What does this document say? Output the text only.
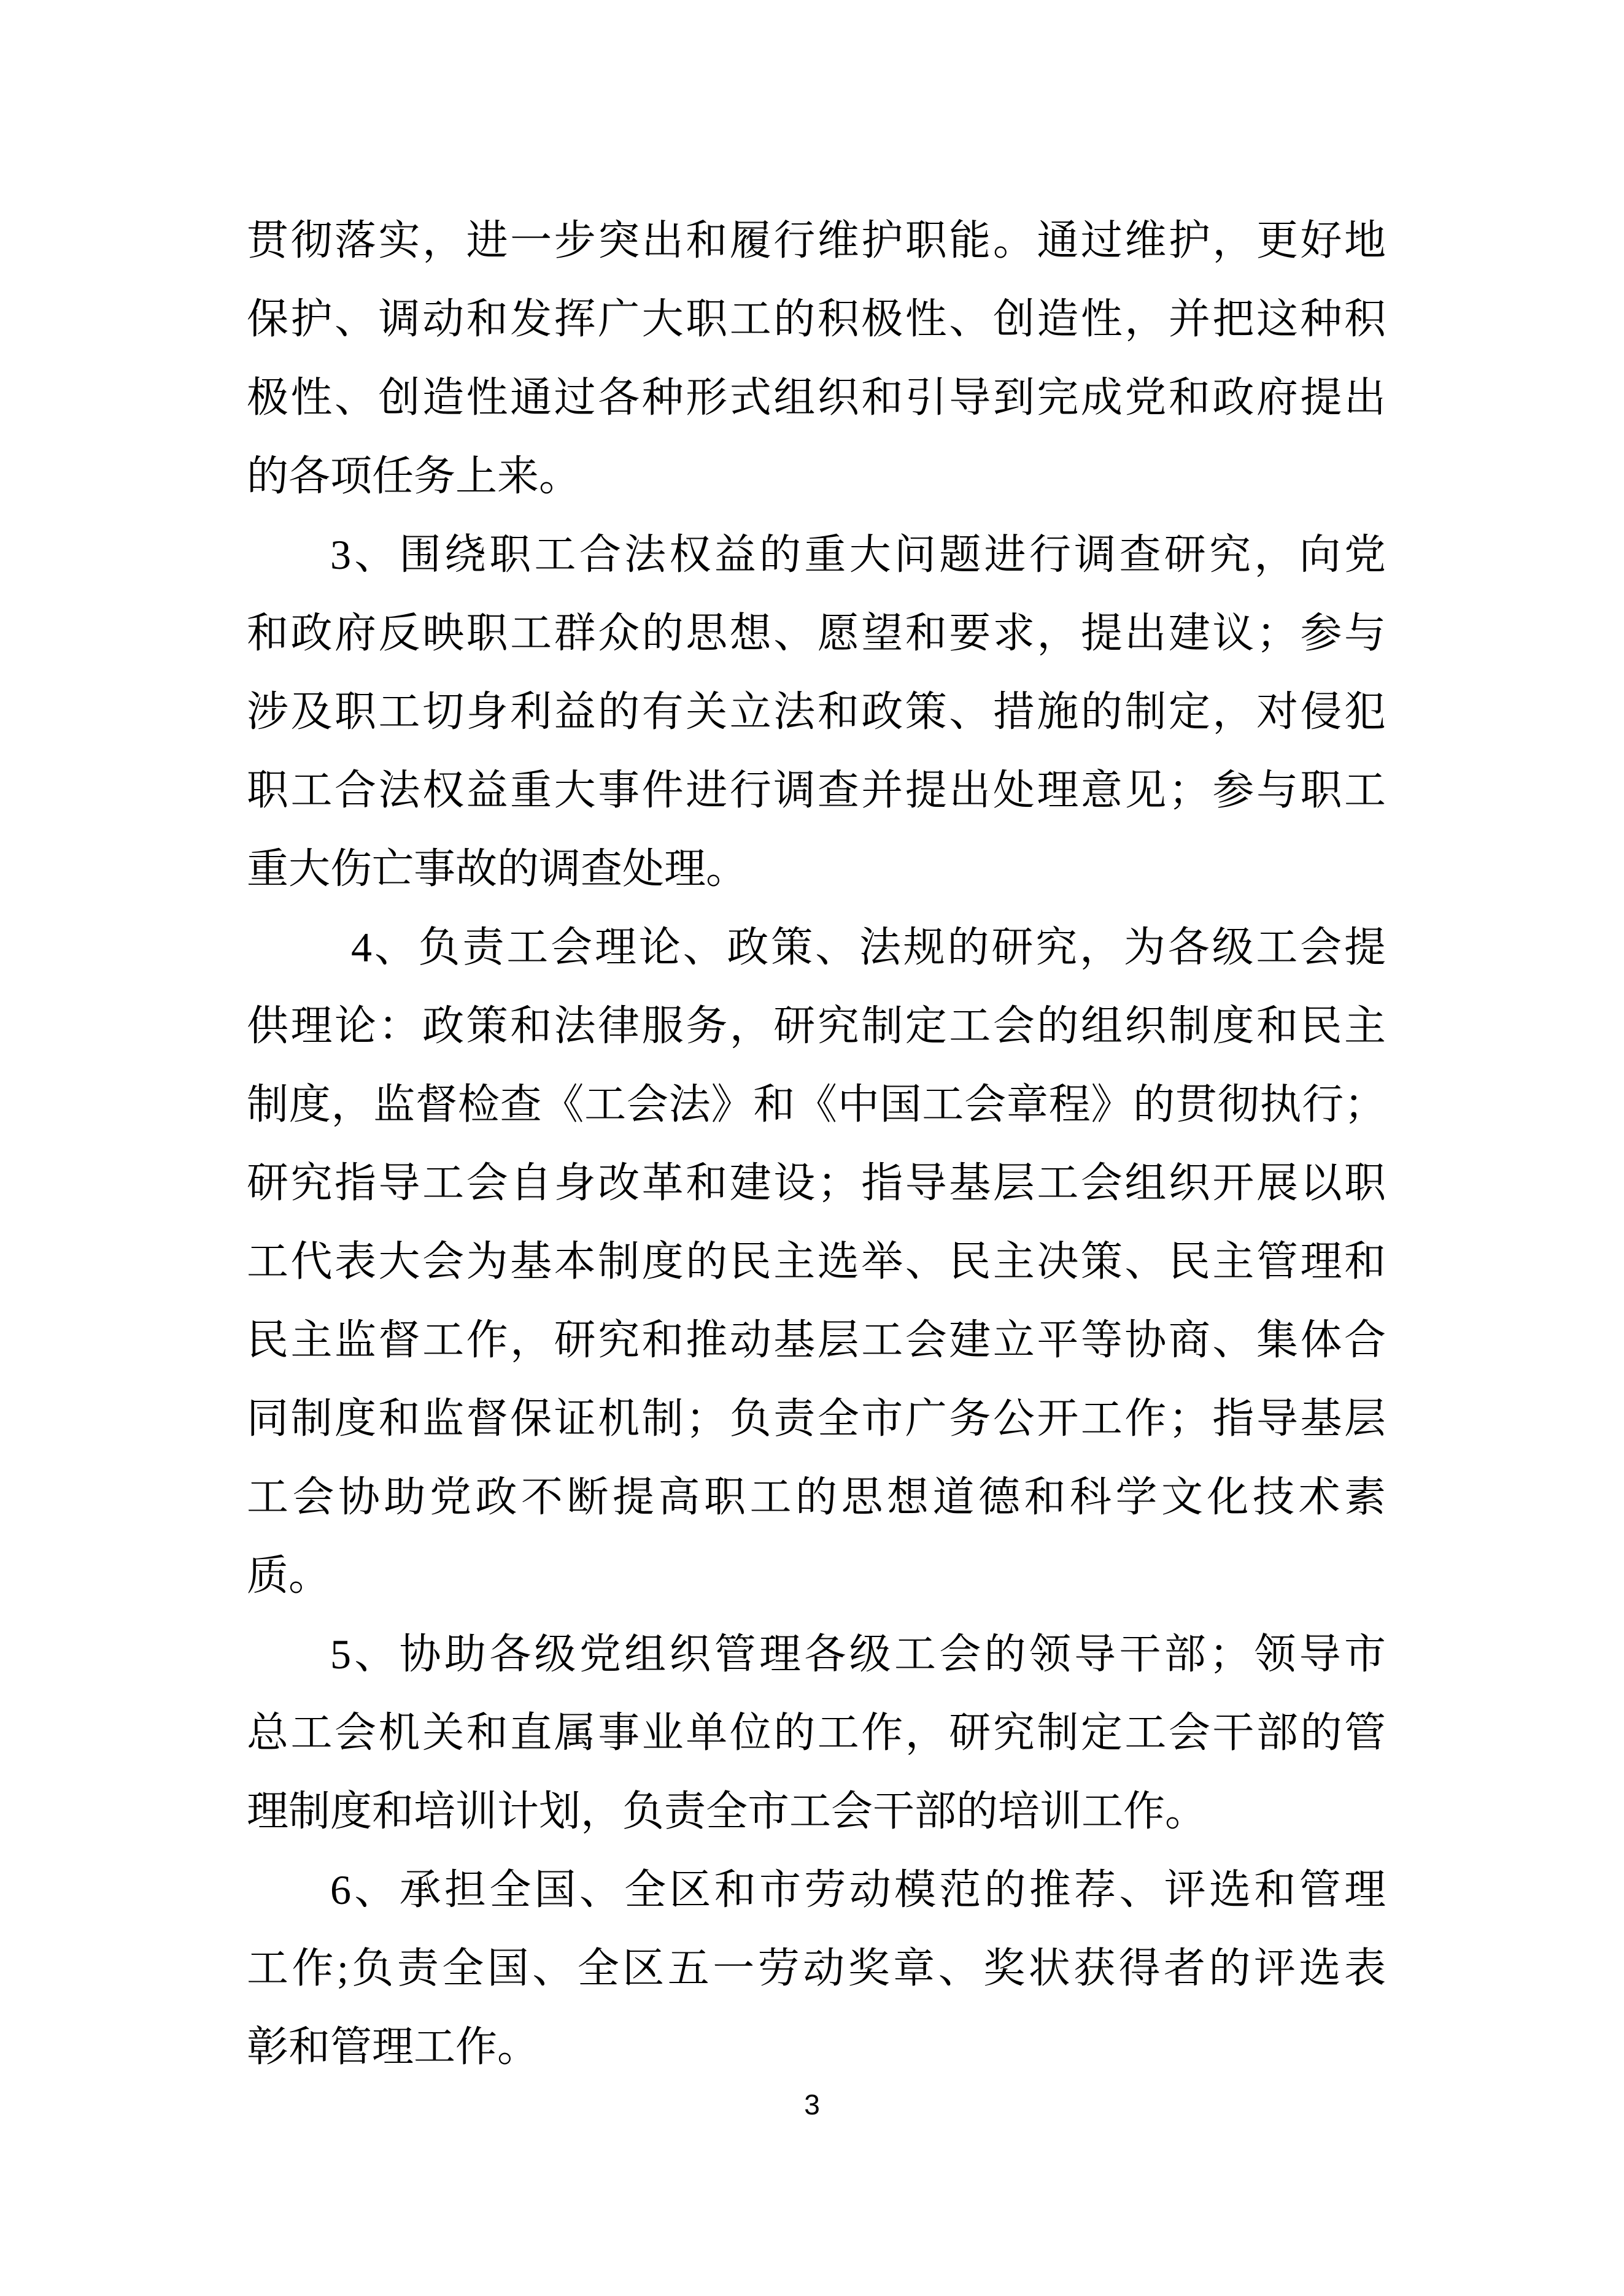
贯彻落实，进一步突出和履行维护职能。通过维护，更好地
保护、调动和发挥广大职工的积极性、创造性，并把这种积
极性、创造性通过各种形式组织和引导到完成党和政府提出
的各项任务上来。
3、围绕职工合法权益的重大问题进行调查研究，向党
和政府反映职工群众的思想、愿望和要求，提出建议；参与
涉及职工切身利益的有关立法和政策、措施的制定，对侵犯
职工合法权益重大事件进行调查并提出处理意见；参与职工
重大伤亡事故的调查处理。
4、负责工会理论、政策、法规的研究，为各级工会提
供理论：政策和法律服务，研究制定工会的组织制度和民主
制度，监督检查《工会法》和《中国工会章程》的贯彻执行；
研究指导工会自身改革和建设；指导基层工会组织开展以职
工代表大会为基本制度的民主选举、民主决策、民主管理和
民主监督工作，研究和推动基层工会建立平等协商、集体合
同制度和监督保证机制；负责全市广务公开工作；指导基层
工会协助党政不断提高职工的思想道德和科学文化技术素
质。
5、协助各级党组织管理各级工会的领导干部；领导市
总工会机关和直属事业单位的工作，研究制定工会干部的管
理制度和培训计划，负责全市工会干部的培训工作。
6、承担全国、全区和市劳动模范的推荐、评选和管理
工作;负责全国、全区五一劳动奖章、奖状获得者的评选表
彰和管理工作。
3
